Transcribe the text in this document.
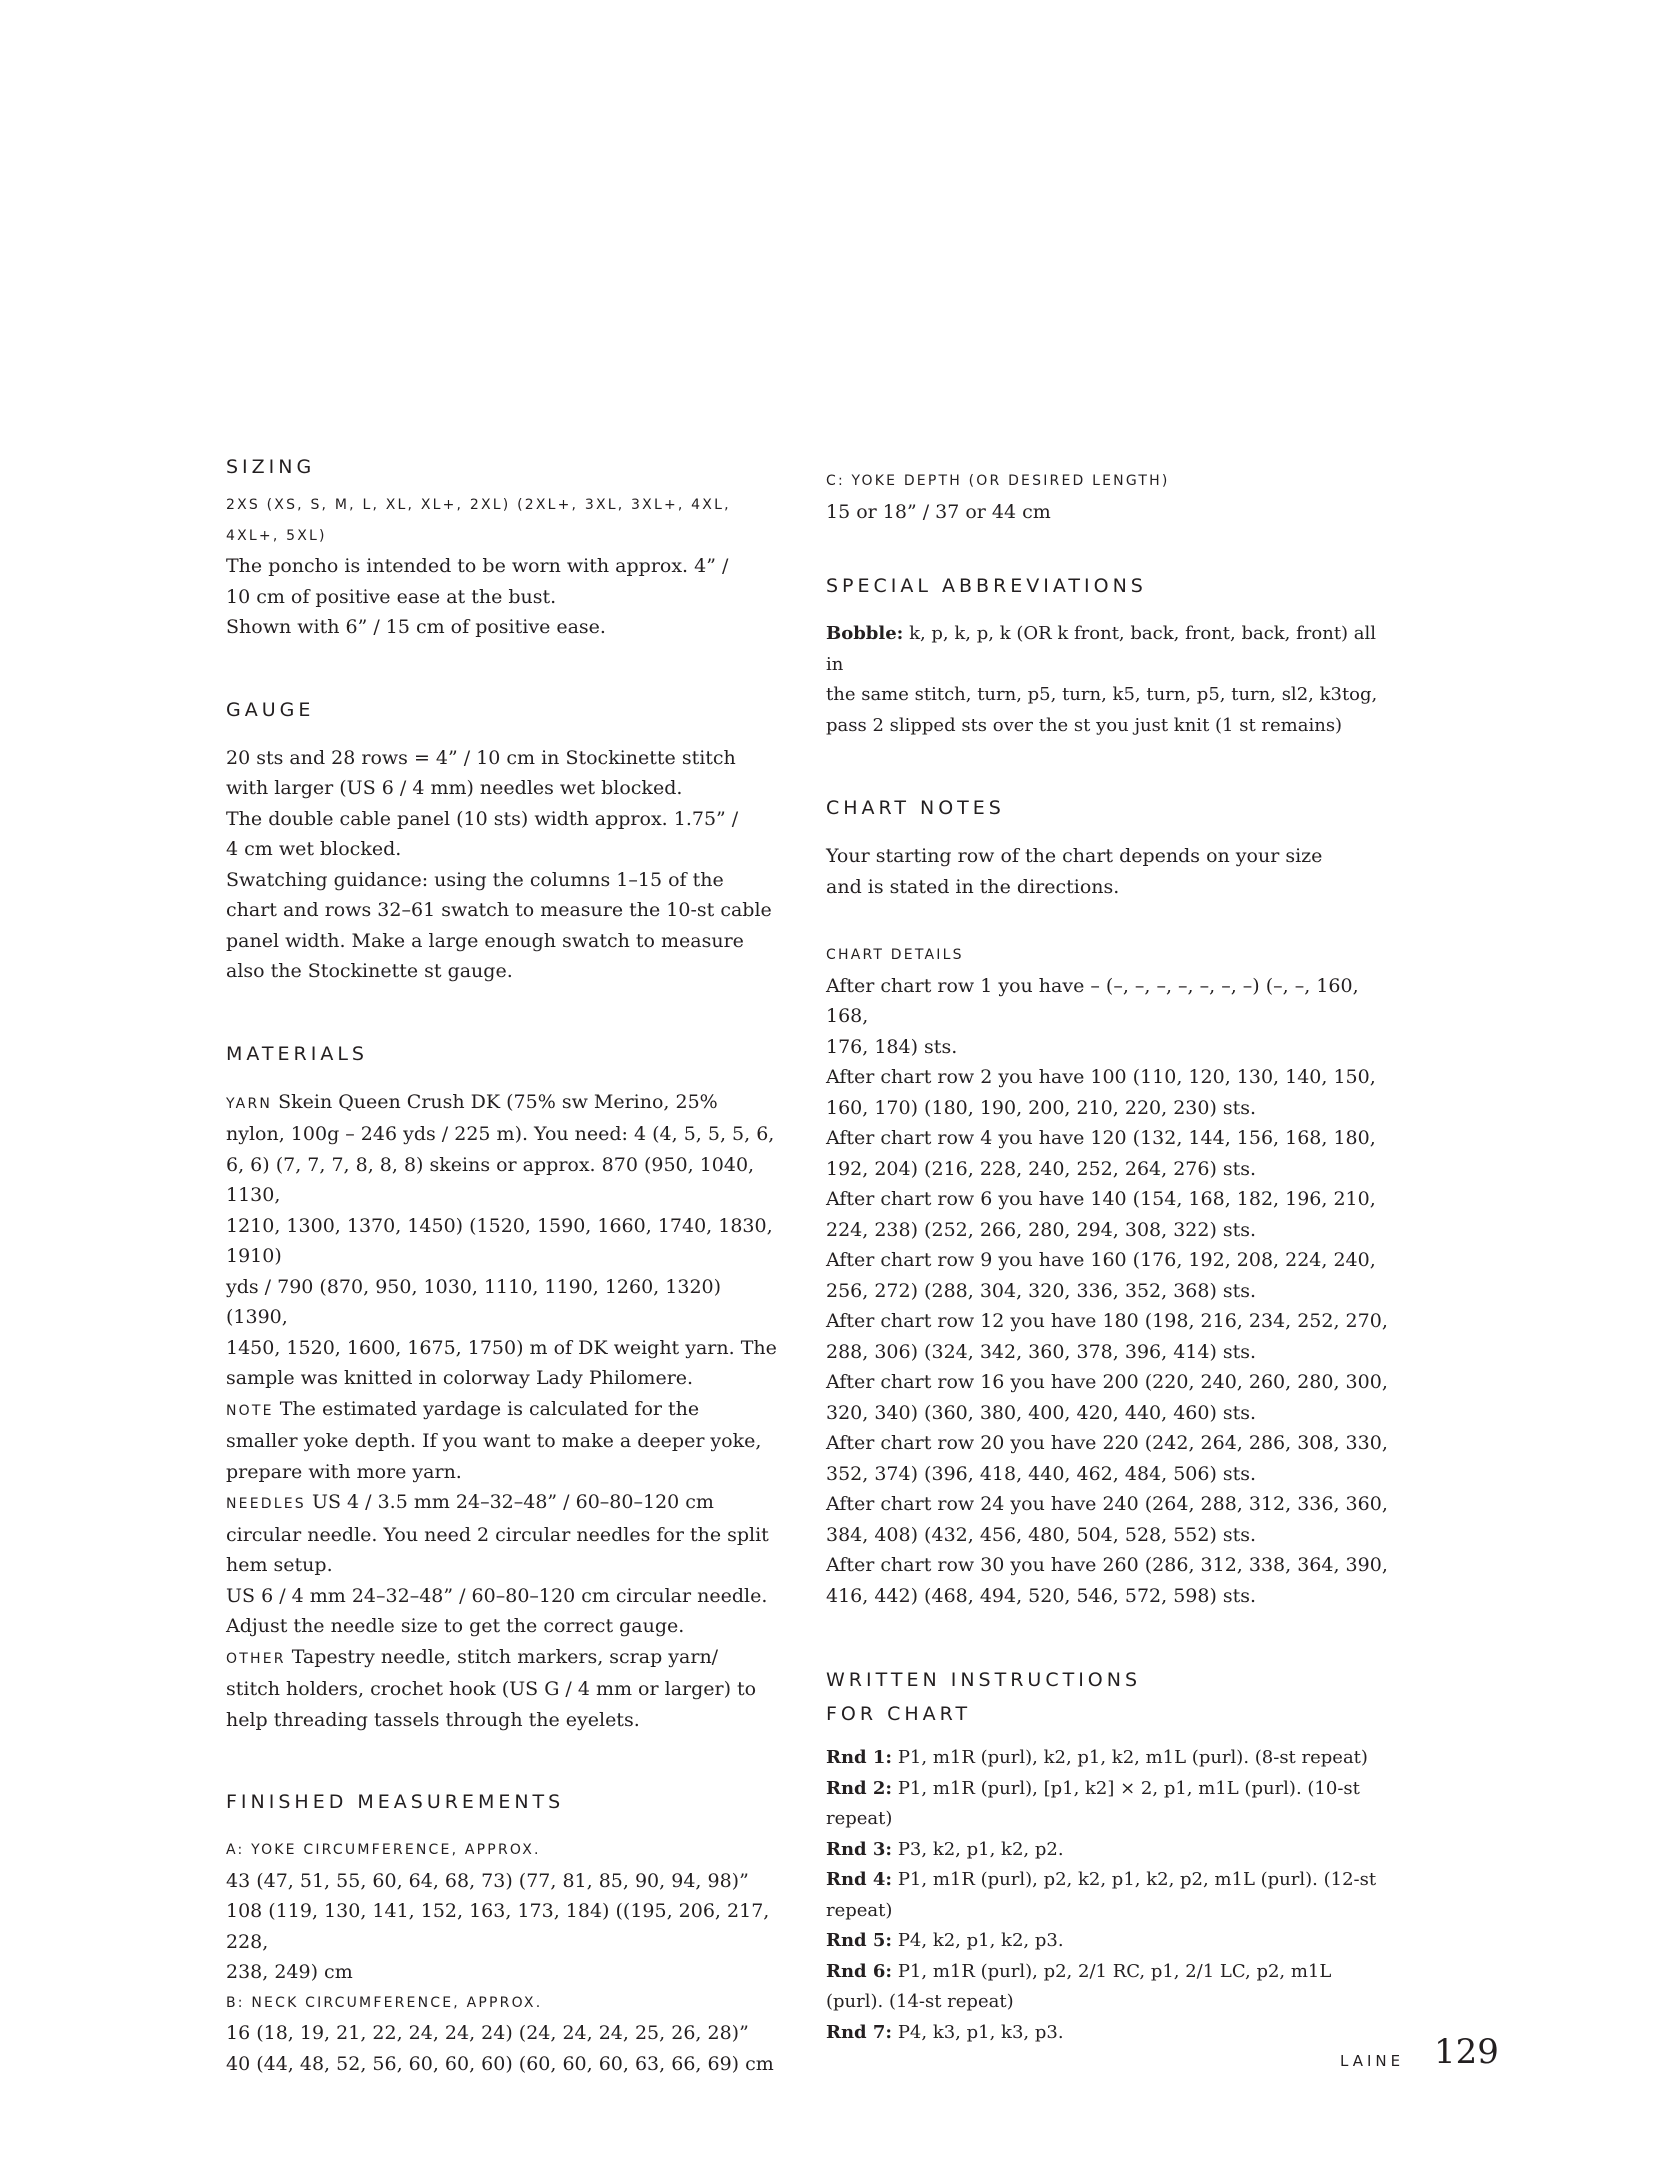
SIZING

2XS (XS, S, M, L, XL, XL+, 2XL) (2XL+, 3XL, 3XL+, 4XL, 4XL+, 5XL)

The poncho is intended to be worn with approx. 4” /

10 cm of positive ease at the bust.

Shown with 6” / 15 cm of positive ease.

GAUGE

20 sts and 28 rows = 4” / 10 cm in Stockinette stitch

with larger (US 6 / 4 mm) needles wet blocked.

The double cable panel (10 sts) width approx. 1.75” /

4 cm wet blocked.

Swatching guidance: using the columns 1–15 of the

chart and rows 32–61 swatch to measure the 10-st cable

panel width. Make a large enough swatch to measure

also the Stockinette st gauge.

MATERIALS

YARN Skein Queen Crush DK (75% sw Merino, 25%

nylon, 100g – 246 yds / 225 m). You need: 4 (4, 5, 5, 5, 6,

6, 6) (7, 7, 7, 8, 8, 8) skeins or approx. 870 (950, 1040, 1130,

1210, 1300, 1370, 1450) (1520, 1590, 1660, 1740, 1830, 1910)

yds / 790 (870, 950, 1030, 1110, 1190, 1260, 1320) (1390,

1450, 1520, 1600, 1675, 1750) m of DK weight yarn. The

sample was knitted in colorway Lady Philomere.

NOTE The estimated yardage is calculated for the

smaller yoke depth. If you want to make a deeper yoke,

prepare with more yarn.

NEEDLES US 4 / 3.5 mm 24–32–48” / 60–80–120 cm

circular needle. You need 2 circular needles for the split

hem setup.

US 6 / 4 mm 24–32–48” / 60–80–120 cm circular needle.

Adjust the needle size to get the correct gauge.

OTHER Tapestry needle, stitch markers, scrap yarn/

stitch holders, crochet hook (US G / 4 mm or larger) to

help threading tassels through the eyelets.

FINISHED MEASUREMENTS

A: YOKE CIRCUMFERENCE, APPROX.

43 (47, 51, 55, 60, 64, 68, 73) (77, 81, 85, 90, 94, 98)”

108 (119, 130, 141, 152, 163, 173, 184) ((195, 206, 217, 228,

238, 249) cm

B: NECK CIRCUMFERENCE, APPROX.

16 (18, 19, 21, 22, 24, 24, 24) (24, 24, 24, 25, 26, 28)”

40 (44, 48, 52, 56, 60, 60, 60) (60, 60, 60, 63, 66, 69) cm

C: YOKE DEPTH (OR DESIRED LENGTH)

15 or 18” / 37 or 44 cm

SPECIAL ABBREVIATIONS

Bobble: k, p, k, p, k (OR k front, back, front, back, front) all in

the same stitch, turn, p5, turn, k5, turn, p5, turn, sl2, k3tog,

pass 2 slipped sts over the st you just knit (1 st remains)

CHART NOTES

Your starting row of the chart depends on your size

and is stated in the directions.

CHART DETAILS

After chart row 1 you have – (–, –, –, –, –, –, –) (–, –, 160, 168,

176, 184) sts.

After chart row 2 you have 100 (110, 120, 130, 140, 150,

160, 170) (180, 190, 200, 210, 220, 230) sts.

After chart row 4 you have 120 (132, 144, 156, 168, 180,

192, 204) (216, 228, 240, 252, 264, 276) sts.

After chart row 6 you have 140 (154, 168, 182, 196, 210,

224, 238) (252, 266, 280, 294, 308, 322) sts.

After chart row 9 you have 160 (176, 192, 208, 224, 240,

256, 272) (288, 304, 320, 336, 352, 368) sts.

After chart row 12 you have 180 (198, 216, 234, 252, 270,

288, 306) (324, 342, 360, 378, 396, 414) sts.

After chart row 16 you have 200 (220, 240, 260, 280, 300,

320, 340) (360, 380, 400, 420, 440, 460) sts.

After chart row 20 you have 220 (242, 264, 286, 308, 330,

352, 374) (396, 418, 440, 462, 484, 506) sts.

After chart row 24 you have 240 (264, 288, 312, 336, 360,

384, 408) (432, 456, 480, 504, 528, 552) sts.

After chart row 30 you have 260 (286, 312, 338, 364, 390,

416, 442) (468, 494, 520, 546, 572, 598) sts.

WRITTEN INSTRUCTIONS
FOR CHART

Rnd 1: P1, m1R (purl), k2, p1, k2, m1L (purl). (8-st repeat)

Rnd 2: P1, m1R (purl), [p1, k2] × 2, p1, m1L (purl). (10-st repeat)

Rnd 3: P3, k2, p1, k2, p2.

Rnd 4: P1, m1R (purl), p2, k2, p1, k2, p2, m1L (purl). (12-st

repeat)

Rnd 5: P4, k2, p1, k2, p3.

Rnd 6: P1, m1R (purl), p2, 2/1 RC, p1, 2/1 LC, p2, m1L

(purl). (14-st repeat)

Rnd 7: P4, k3, p1, k3, p3.

LAINE 129
